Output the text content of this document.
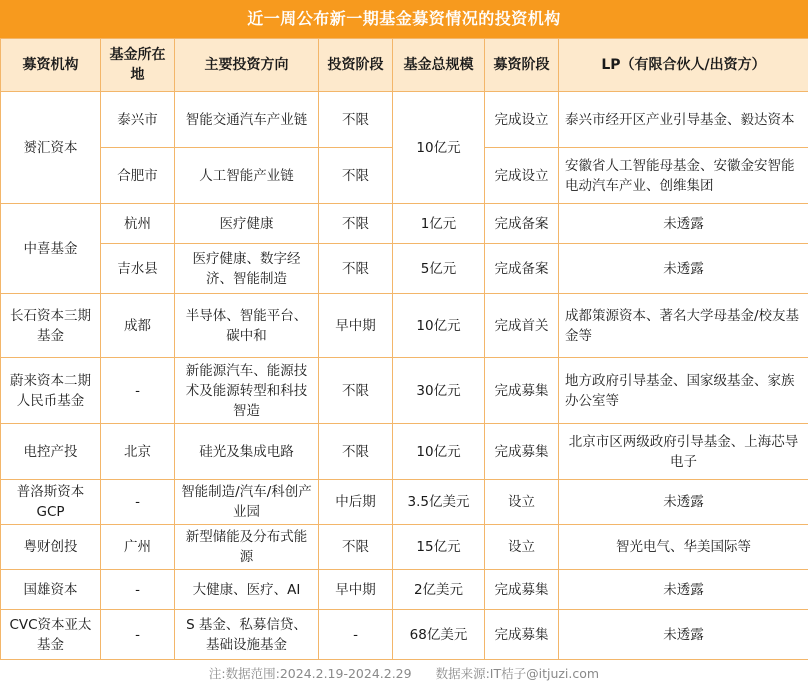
近一周公布新一期基金募资情况的投资机构
募资机构	基金所在地	主要投资方向	投资阶段	基金总规模	募资阶段	LP（有限合伙人/出资方）
赟汇资本	泰兴市	智能交通汽车产业链	不限	10亿元	完成设立	泰兴市经开区产业引导基金、毅达资本
	合肥市	人工智能产业链	不限		完成设立	安徽省人工智能母基金、安徽金安智能电动汽车产业、创维集团
中喜基金	杭州	医疗健康	不限	1亿元	完成备案	未透露
	吉水县	医疗健康、数字经济、智能制造	不限	5亿元	完成备案	未透露
长石资本三期基金	成都	半导体、智能平台、碳中和	早中期	10亿元	完成首关	成都策源资本、著名大学母基金/校友基金等
蔚来资本二期人民币基金	-	新能源汽车、能源技术及能源转型和科技智造	不限	30亿元	完成募集	地方政府引导基金、国家级基金、家族办公室等
电控产投	北京	硅光及集成电路	不限	10亿元	完成募集	北京市区两级政府引导基金、上海芯导电子
普洛斯资本GCP	-	智能制造/汽车/科创产业园	中后期	3.5亿美元	设立	未透露
粤财创投	广州	新型储能及分布式能源	不限	15亿元	设立	智光电气、华美国际等
国雄资本	-	大健康、医疗、AI	早中期	2亿美元	完成募集	未透露
CVC资本亚太基金	-	S 基金、私募信贷、基础设施基金	-	68亿美元	完成募集	未透露
注:数据范围:2024.2.19-2024.2.29 数据来源:IT桔子@itjuzi.com
